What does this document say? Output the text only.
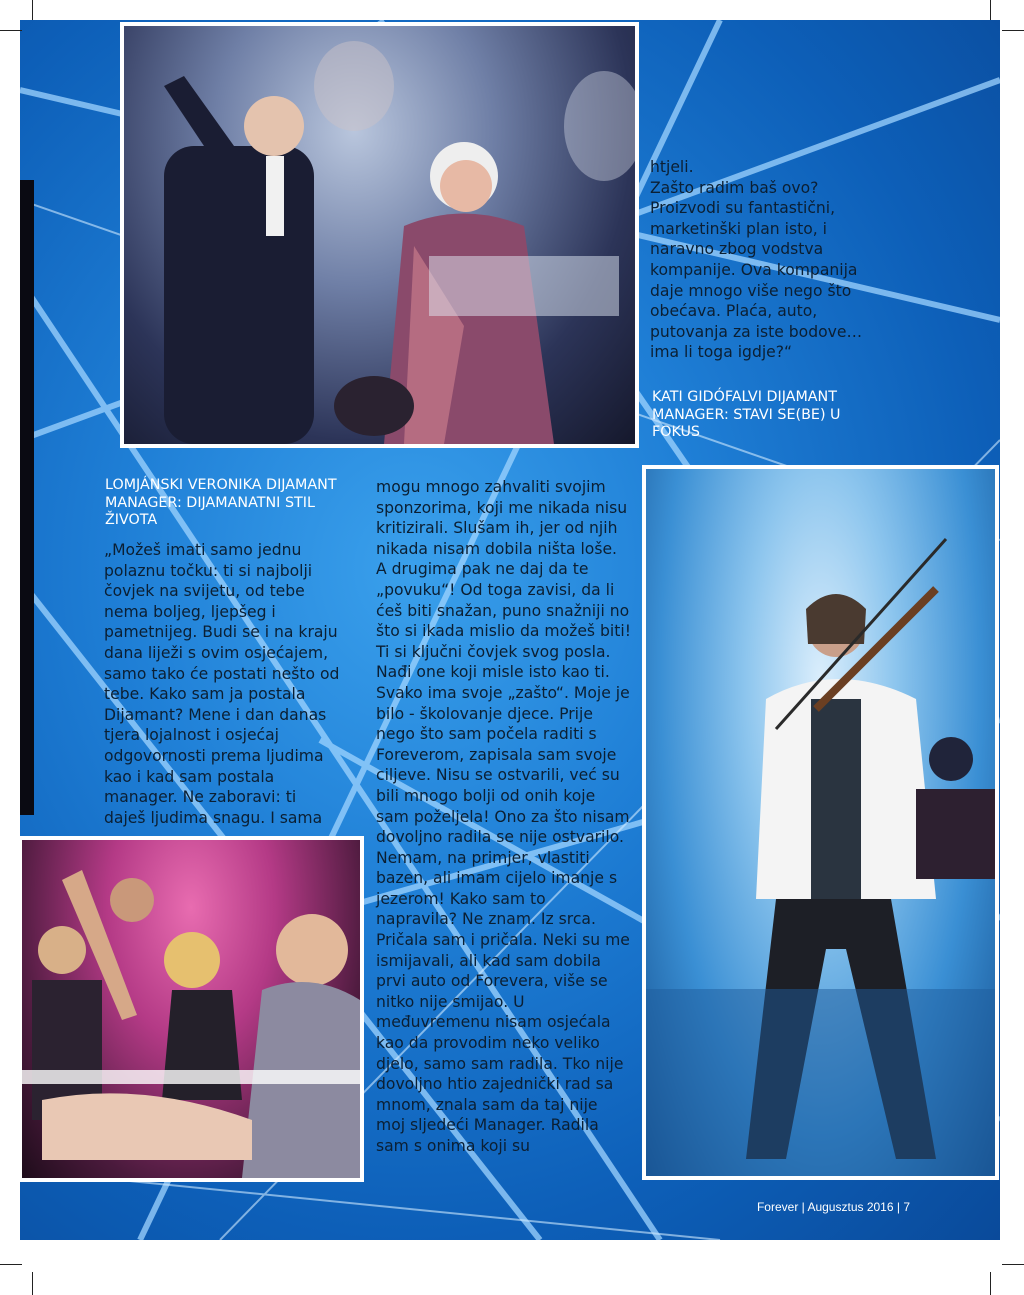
htjeli.
Zašto radim baš ovo? Proizvodi su fantastični, marketinški plan isto, i naravno zbog vodstva kompanije. Ova kompanija daje mnogo više nego što obećava. Plaća, auto, putovanja za iste bodove… ima li toga igdje?“

KATI GIDÓFALVI DIJAMANT MANAGER: STAVI SE(BE) U FOKUS

LOMJÁNSKI VERONIKA DIJAMANT MANAGER: DIJAMANATNI STIL ŽIVOTA

„Možeš imati samo jednu polaznu točku: ti si najbolji čovjek na svijetu, od tebe nema boljeg, ljepšeg i pametnijeg. Budi se i na kraju dana liježi s ovim osjećajem, samo tako će postati nešto od tebe. Kako sam ja postala Dijamant? Mene i dan danas tjera lojalnost i osjećaj odgovornosti prema ljudima kao i kad sam postala manager. Ne zaboravi: ti daješ ljudima snagu. I sama

mogu mnogo zahvaliti svojim sponzorima, koji me nikada nisu kritizirali. Slušam ih, jer od njih nikada nisam dobila ništa loše. A drugima pak ne daj da te „povuku“! Od toga zavisi, da li ćeš biti snažan, puno snažniji no što si ikada mislio da možeš biti! Ti si ključni čovjek svog posla. Nađi one koji misle isto kao ti. Svako ima svoje „zašto“. Moje je bilo - školovanje djece. Prije nego što sam počela raditi s Foreverom, zapisala sam svoje ciljeve. Nisu se ostvarili, već su bili mnogo bolji od onih koje sam poželjela! Ono za što nisam dovoljno radila se nije ostvarilo. Nemam, na primjer, vlastiti bazen, ali imam cijelo imanje s jezerom! Kako sam to napravila? Ne znam. Iz srca. Pričala sam i pričala. Neki su me ismijavali, ali kad sam dobila prvi auto od Forevera, više se nitko nije smijao. U međuvremenu nisam osjećala kao da provodim neko veliko djelo, samo sam radila. Tko nije dovoljno htio zajednički rad sa mnom, znala sam da taj nije moj sljedeći Manager. Radila sam s onima koji su

Forever | Augusztus 2016 | 7
